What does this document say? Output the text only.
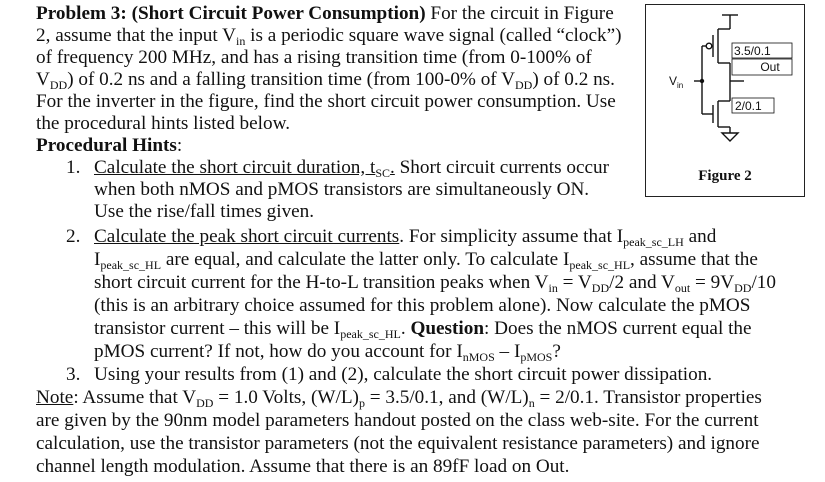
Problem 3: (Short Circuit Power Consumption) For the circuit in Figure
2, assume that the input $V_{in}$ is a periodic square wave signal (called “clock”)
of frequency 200 MHz, and has a rising transition time (from 0-100% of
$V_{DD}$) of 0.2 ns and a falling transition time (from 100-0% of $V_{DD}$) of 0.2 ns.
For the inverter in the figure, find the short circuit power consumption. Use
the procedural hints listed below.
Procedural Hints:
1. Calculate the short circuit duration, $t_{SC}$. Short circuit currents occur
when both nMOS and pMOS transistors are simultaneously ON.
Use the rise/fall times given.
2. Calculate the peak short circuit currents. For simplicity assume that $I_{peak\_sc\_LH}$ and
$I_{peak\_sc\_HL}$ are equal, and calculate the latter only. To calculate $I_{peak\_sc\_HL}$, assume that the
short circuit current for the H-to-L transition peaks when $V_{in} = V_{DD}/2$ and $V_{out} = 9V_{DD}/10$
(this is an arbitrary choice assumed for this problem alone). Now calculate the pMOS
transistor current – this will be $I_{peak\_sc\_HL}$. Question: Does the nMOS current equal the
pMOS current? If not, how do you account for $I_{nMOS} - I_{pMOS}$?
3. Using your results from (1) and (2), calculate the short circuit power dissipation.
Note: Assume that $V_{DD} = 1.0$ Volts, $(W/L)_p = 3.5/0.1$, and $(W/L)_n = 2/0.1$. Transistor properties
are given by the 90nm model parameters handout posted on the class web-site. For the current
calculation, use the transistor parameters (not the equivalent resistance parameters) and ignore
channel length modulation. Assume that there is an 89fF load on Out.
3.5/0.1
Out
2/0.1
$V_{in}$
Figure 2
